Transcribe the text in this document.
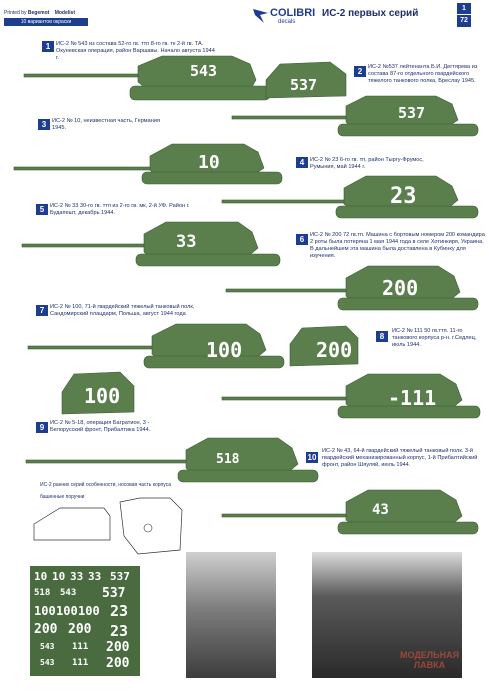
COLIBRI
decals
ИС-2 первых серий	1
72
Printed by Begemot Modelist
10 вариантов окраски
1	ИС-2 № 543 из состава 52-го гв. ттп 8-го гв. тк 2-й гв. ТА. Окуневская операция, район Варшавы. Начало августа 1944 г.
2	ИС-2 №537 лейтенанта Б.И. Дегтярева из состава 87-го отдельного гвардейского тяжелого танкового полка, Бреслау 1945.
3	ИС-2 № 10, неизвестная часть, Германия 1945.
4	ИС-2 № 23 6-го гв. тп, район Тыргу-Фрумос, Румыния, май 1944 г.
5	ИС-2 № 33 30-го гв. ттп из 2-го гв. мк, 2-й УФ. Район г. Будапешт, декабрь 1944.
6	ИС-2 № 200 72 гв.тп. Машина с бортовым номером 200 командира 2 роты была потеряна 1 мая 1944 года в селе Хотинкиря, Украина. В дальнейшем эта машина была доставлена в Кубинку для изучения.
7	ИС-2 № 100, 71-й гвардейский тяжелый танковый полк, Сандомирский плацдарм, Польша, август 1944 года
8
ИС-2 № 111 50 гв.ттп. 11-го танкового корпуса р-н. г.Седлец, июль 1944.
9	ИС-2 № 5-18, операция Багратион, 3 - Белорусский фронт, Прибалтика 1944.
10
ИС-2 № 43, 64-й гвардейский тяжелый танковый полк. 3-й гвардейский механизированный корпус, 1-й Прибалтийский фронт, район Шяуляй, июль 1944.
543
537
537
10
23
33
200
200
100
-111
100
518
43
ИС-2 ранних серий особенности, носовая часть корпуса
башенные поручни
10 10 33 33 537
518 543 537
100 100 100 23
200 200 23
543 111 200
543 111 200
МОДЕЛЬНАЯ
ЛАВКА
